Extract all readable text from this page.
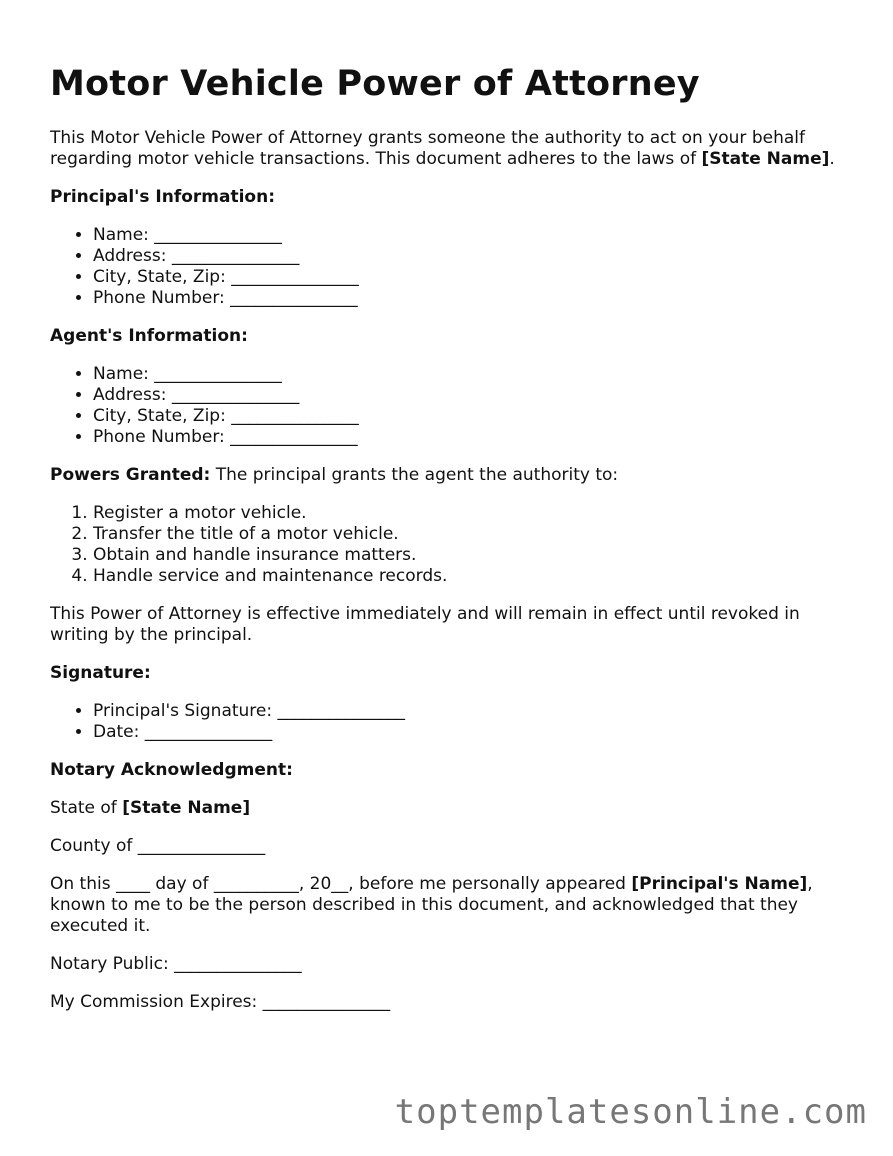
Motor Vehicle Power of Attorney

This Motor Vehicle Power of Attorney grants someone the authority to act on your behalf regarding motor vehicle transactions. This document adheres to the laws of [State Name].

Principal's Information:
• Name: _______________
• Address: _______________
• City, State, Zip: _______________
• Phone Number: _______________
Agent's Information:
• Name: _______________
• Address: _______________
• City, State, Zip: _______________
• Phone Number: _______________

Powers Granted: The principal grants the agent the authority to:

1. Register a motor vehicle.
2. Transfer the title of a motor vehicle.
3. Obtain and handle insurance matters.
4. Handle service and maintenance records.

This Power of Attorney is effective immediately and will remain in effect until revoked in writing by the principal.

Signature:
• Principal's Signature: _______________
• Date: _______________
Notary Acknowledgment:

State of [State Name]

County of _______________

On this ____ day of __________, 20__, before me personally appeared [Principal's Name], known to me to be the person described in this document, and acknowledged that they executed it.

Notary Public: _______________

My Commission Expires: _______________

toptemplatesonline.com
